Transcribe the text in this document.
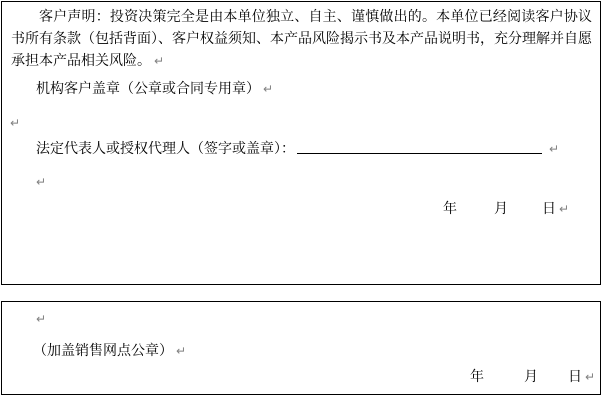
客户声明：投资决策完全是由本单位独立、自主、谨慎做出的。本单位已经阅读客户协议书所有条款（包括背面）、客户权益须知、本产品风险揭示书及本产品说明书，充分理解并自愿承担本产品相关风险。 ↵

机构客户盖章（公章或合同专用章） ↵

↵

法定代表人或授权代理人（签字或盖章）：	↵

↵

年	月 日 ↵

↵

（加盖销售网点公章） ↵

年	月 日 ↵
